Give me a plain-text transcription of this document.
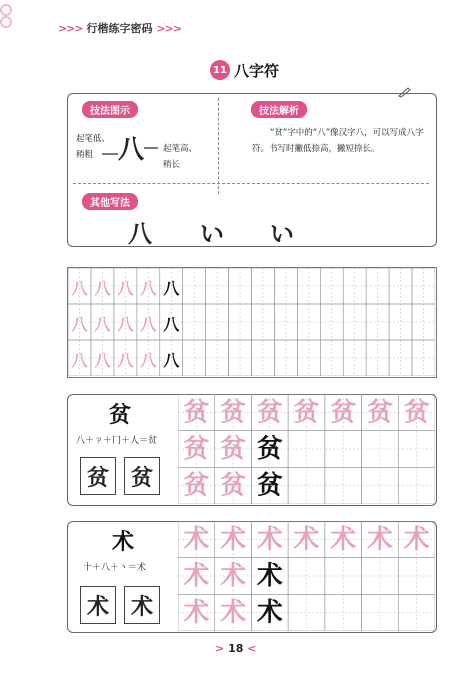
>>> 行楷练字密码 >>>
11 八字符
技法图示	技法解析
起笔低、
稍粗 八 起笔高、
稍长
“贫”字中的“八”像汉字八，可以写成八字符。书写时撇低捺高，撇短捺长。
其他写法
八 い い
八 八 八 八 八
八 八 八 八 八
八 八 八 八 八
贫
八＋ㄗ＋冂＋人＝贫
贫 贫
贫 贫 贫 贫 贫 贫 贫
贫 贫 贫
贫 贫 贫
术
十＋八＋丶＝术
术 术
术 术 术 术 术 术 术
术 术 术
术 术 术
> 18 <
